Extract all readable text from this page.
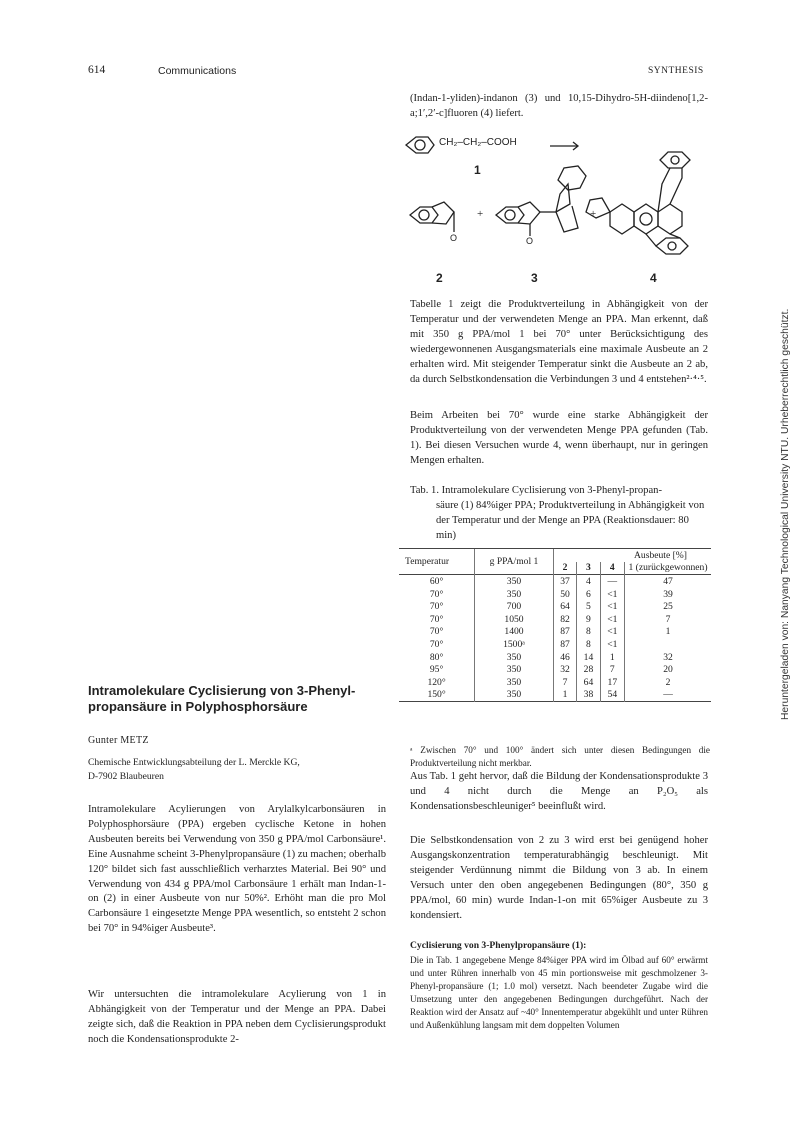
614	Communications	SYNTHESIS
(Indan-1-yliden)-indanon (3) und 10,15-Dihydro-5H-diindeno[1,2-a;1′,2′-c]fluoren (4) liefert.
CH₂–CH₂–COOH
1
+	+
O	O
2	3	4
Tabelle 1 zeigt die Produktverteilung in Abhängigkeit von der Temperatur und der verwendeten Menge an PPA. Man erkennt, daß mit 350 g PPA/mol 1 bei 70° unter Berücksichtigung des wiedergewonnenen Ausgangsmaterials eine maximale Ausbeute an 2 erhalten wird. Mit steigender Temperatur sinkt die Ausbeute an 2 ab, da durch Selbstkondensation die Verbindungen 3 und 4 entstehen²·⁴·⁵.
Beim Arbeiten bei 70° wurde eine starke Abhängigkeit der Produktverteilung von der verwendeten Menge PPA gefunden (Tab. 1). Bei diesen Versuchen wurde 4, wenn überhaupt, nur in geringen Mengen erhalten.
Tab. 1. Intramolekulare Cyclisierung von 3-Phenyl-propan-
säure (1) 84%iger PPA; Produktverteilung in Abhängigkeit von der Temperatur und der Menge an PPA (Reaktionsdauer: 80 min)
Temperatur	g PPA/mol 1	Ausbeute [%]			
		2	3	4	1 (zurückgewonnen)
60°	350	37	4	—	47
70°	350	50	6	<1	39
70°	700	64	5	<1	25
70°	1050	82	9	<1	7
70°	1400	87	8	<1	1
70°	1500ᵃ	87	8	<1	
80°	350	46	14	1	32
95°	350	32	28	7	20
120°	350	7	64	17	2
150°	350	1	38	54	—
ᵃ Zwischen 70° und 100° ändert sich unter diesen Bedingungen die Produktverteilung nicht merkbar.
Intramolekulare Cyclisierung von 3-Phenyl-propansäure in Polyphosphorsäure
Gunter METZ
Chemische Entwicklungsabteilung der L. Merckle KG,
D-7902 Blaubeuren
Intramolekulare Acylierungen von Arylalkylcarbonsäuren in Polyphosphorsäure (PPA) ergeben cyclische Ketone in hohen Ausbeuten bereits bei Verwendung von 350 g PPA/mol Carbonsäure¹. Eine Ausnahme scheint 3-Phenylpropansäure (1) zu machen; oberhalb 120° bildet sich fast ausschließlich verharztes Material. Bei 90° und Verwendung von 434 g PPA/mol Carbonsäure 1 erhält man Indan-1-on (2) in einer Ausbeute von nur 50%². Erhöht man die pro Mol Carbonsäure 1 eingesetzte Menge PPA wesentlich, so entsteht 2 schon bei 70° in 94%iger Ausbeute³.
Wir untersuchten die intramolekulare Acylierung von 1 in Abhängigkeit von der Temperatur und der Menge an PPA. Dabei zeigte sich, daß die Reaktion in PPA neben dem Cyclisierungsprodukt noch die Kondensationsprodukte 2-
Aus Tab. 1 geht hervor, daß die Bildung der Kondensationsprodukte 3 und 4 nicht durch die Menge an P₂O₅ als Kondensationsbeschleuniger⁵ beeinflußt wird.
Die Selbstkondensation von 2 zu 3 wird erst bei genügend hoher Ausgangskonzentration temperaturabhängig beschleunigt. Mit steigender Verdünnung nimmt die Bildung von 3 ab. In einem Versuch unter den oben angegebenen Bedingungen (80°, 350 g PPA/mol, 60 min) wurde Indan-1-on mit 65%iger Ausbeute zu 3 kondensiert.
Cyclisierung von 3-Phenylpropansäure (1):
Die in Tab. 1 angegebene Menge 84%iger PPA wird im Ölbad auf 60° erwärmt und unter Rühren innerhalb von 45 min portionsweise mit geschmolzener 3-Phenyl-propansäure (1; 1.0 mol) versetzt. Nach beendeter Zugabe wird die Umsetzung unter den angegebenen Bedingungen durchgeführt. Nach der Reaktion wird der Ansatz auf ~40° Innentemperatur abgekühlt und unter Rühren und Außenkühlung langsam mit dem doppelten Volumen
Heruntergeladen von: Nanyang Technological University NTU. Urheberrechtlich geschützt.
